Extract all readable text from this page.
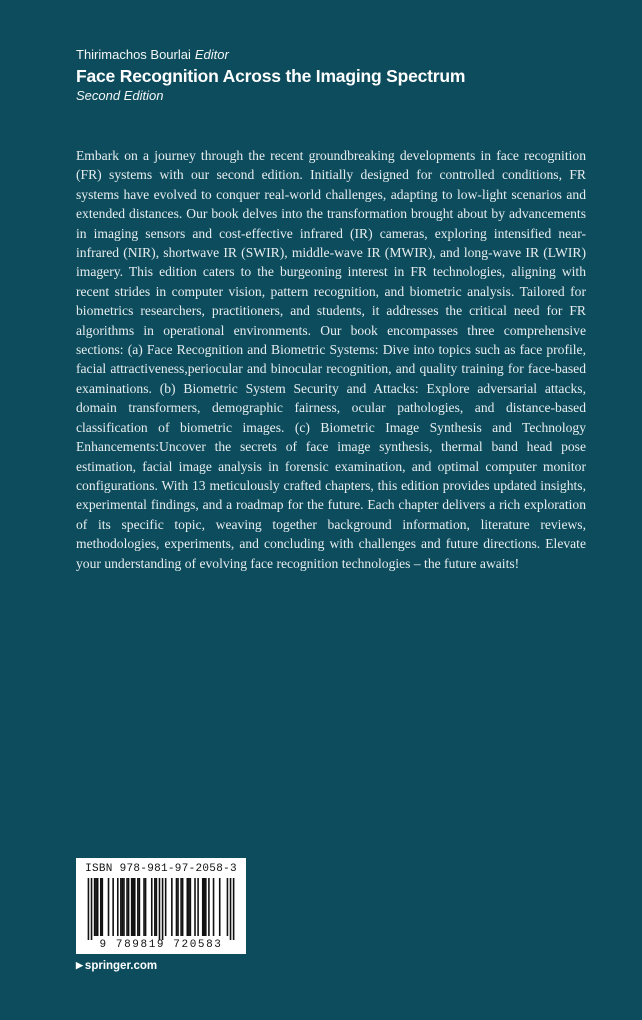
Thirimachos Bourlai Editor
Face Recognition Across the Imaging Spectrum
Second Edition

Embark on a journey through the recent groundbreaking developments in face recognition (FR) systems with our second edition. Initially designed for controlled conditions, FR systems have evolved to conquer real-world challenges, adapting to low-light scenarios and extended distances. Our book delves into the transformation brought about by advancements in imaging sensors and cost-effective infrared (IR) cameras, exploring intensified near-infrared (NIR), shortwave IR (SWIR), middle-wave IR (MWIR), and long-wave IR (LWIR) imagery. This edition caters to the burgeoning interest in FR technologies, aligning with recent strides in computer vision, pattern recognition, and biometric analysis. Tailored for biometrics researchers, practitioners, and students, it addresses the critical need for FR algorithms in operational environments. Our book encompasses three comprehensive sections: (a) Face Recognition and Biometric Systems: Dive into topics such as face profile, facial attractiveness,periocular and binocular recognition, and quality training for face-based examinations. (b) Biometric System Security and Attacks: Explore adversarial attacks, domain transformers, demographic fairness, ocular pathologies, and distance-based classification of biometric images. (c) Biometric Image Synthesis and Technology Enhancements:Uncover the secrets of face image synthesis, thermal band head pose estimation, facial image analysis in forensic examination, and optimal computer monitor configurations. With 13 meticulously crafted chapters, this edition provides updated insights, experimental findings, and a roadmap for the future. Each chapter delivers a rich exploration of its specific topic, weaving together background information, literature reviews, methodologies, experiments, and concluding with challenges and future directions. Elevate your understanding of evolving face recognition technologies – the future awaits!

ISBN 978-981-97-2058-3
9 789819 720583
▶ springer.com
